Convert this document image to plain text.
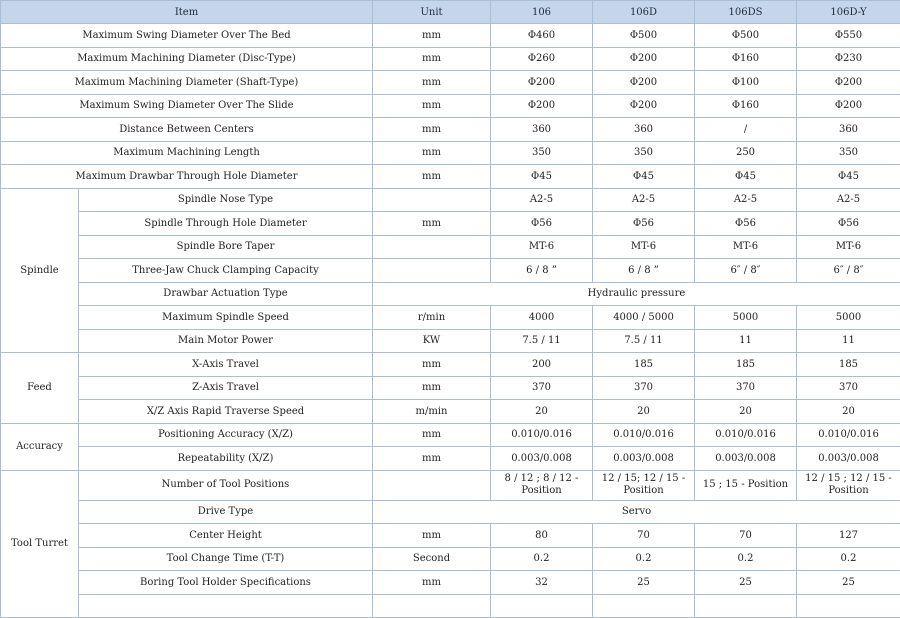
Item		Unit	106	106D	106DS	106D-Y
Maximum Swing Diameter Over The Bed		mm	Φ460	Φ500	Φ500	Φ550
Maximum Machining Diameter (Disc-Type)		mm	Φ260	Φ200	Φ160	Φ230
Maximum Machining Diameter (Shaft-Type)		mm	Φ200	Φ200	Φ100	Φ200
Maximum Swing Diameter Over The Slide		mm	Φ200	Φ200	Φ160	Φ200
Distance Between Centers		mm	360	360	/	360
Maximum Machining Length		mm	350	350	250	350
Maximum Drawbar Through Hole Diameter		mm	Φ45	Φ45	Φ45	Φ45
Spindle	Spindle Nose Type		A2-5	A2-5	A2-5	A2-5
	Spindle Through Hole Diameter	mm	Φ56	Φ56	Φ56	Φ56
	Spindle Bore Taper		MT-6	MT-6	MT-6	MT-6
	Three-Jaw Chuck Clamping Capacity		6 / 8 ”	6 / 8 ”	6″ / 8″	6″ / 8″
	Drawbar Actuation Type	Hydraulic pressure				
	Maximum Spindle Speed	r/min	4000	4000 / 5000	5000	5000
	Main Motor Power	KW	7.5 / 11	7.5 / 11	11	11
Feed	X-Axis Travel	mm	200	185	185	185
	Z-Axis Travel	mm	370	370	370	370
	X/Z Axis Rapid Traverse Speed	m/min	20	20	20	20
Accuracy	Positioning Accuracy (X/Z)	mm	0.010/0.016	0.010/0.016	0.010/0.016	0.010/0.016
	Repeatability (X/Z)	mm	0.003/0.008	0.003/0.008	0.003/0.008	0.003/0.008
Tool Turret	Number of Tool Positions		8 / 12 ; 8 / 12 - Position	12 / 15; 12 / 15 - Position	15 ; 15 - Position	12 / 15 ; 12 / 15 - Position
	Drive Type	Servo				
	Center Height	mm	80	70	70	127
	Tool Change Time (T-T)	Second	0.2	0.2	0.2	0.2
	Boring Tool Holder Specifications	mm	32	25	25	25
